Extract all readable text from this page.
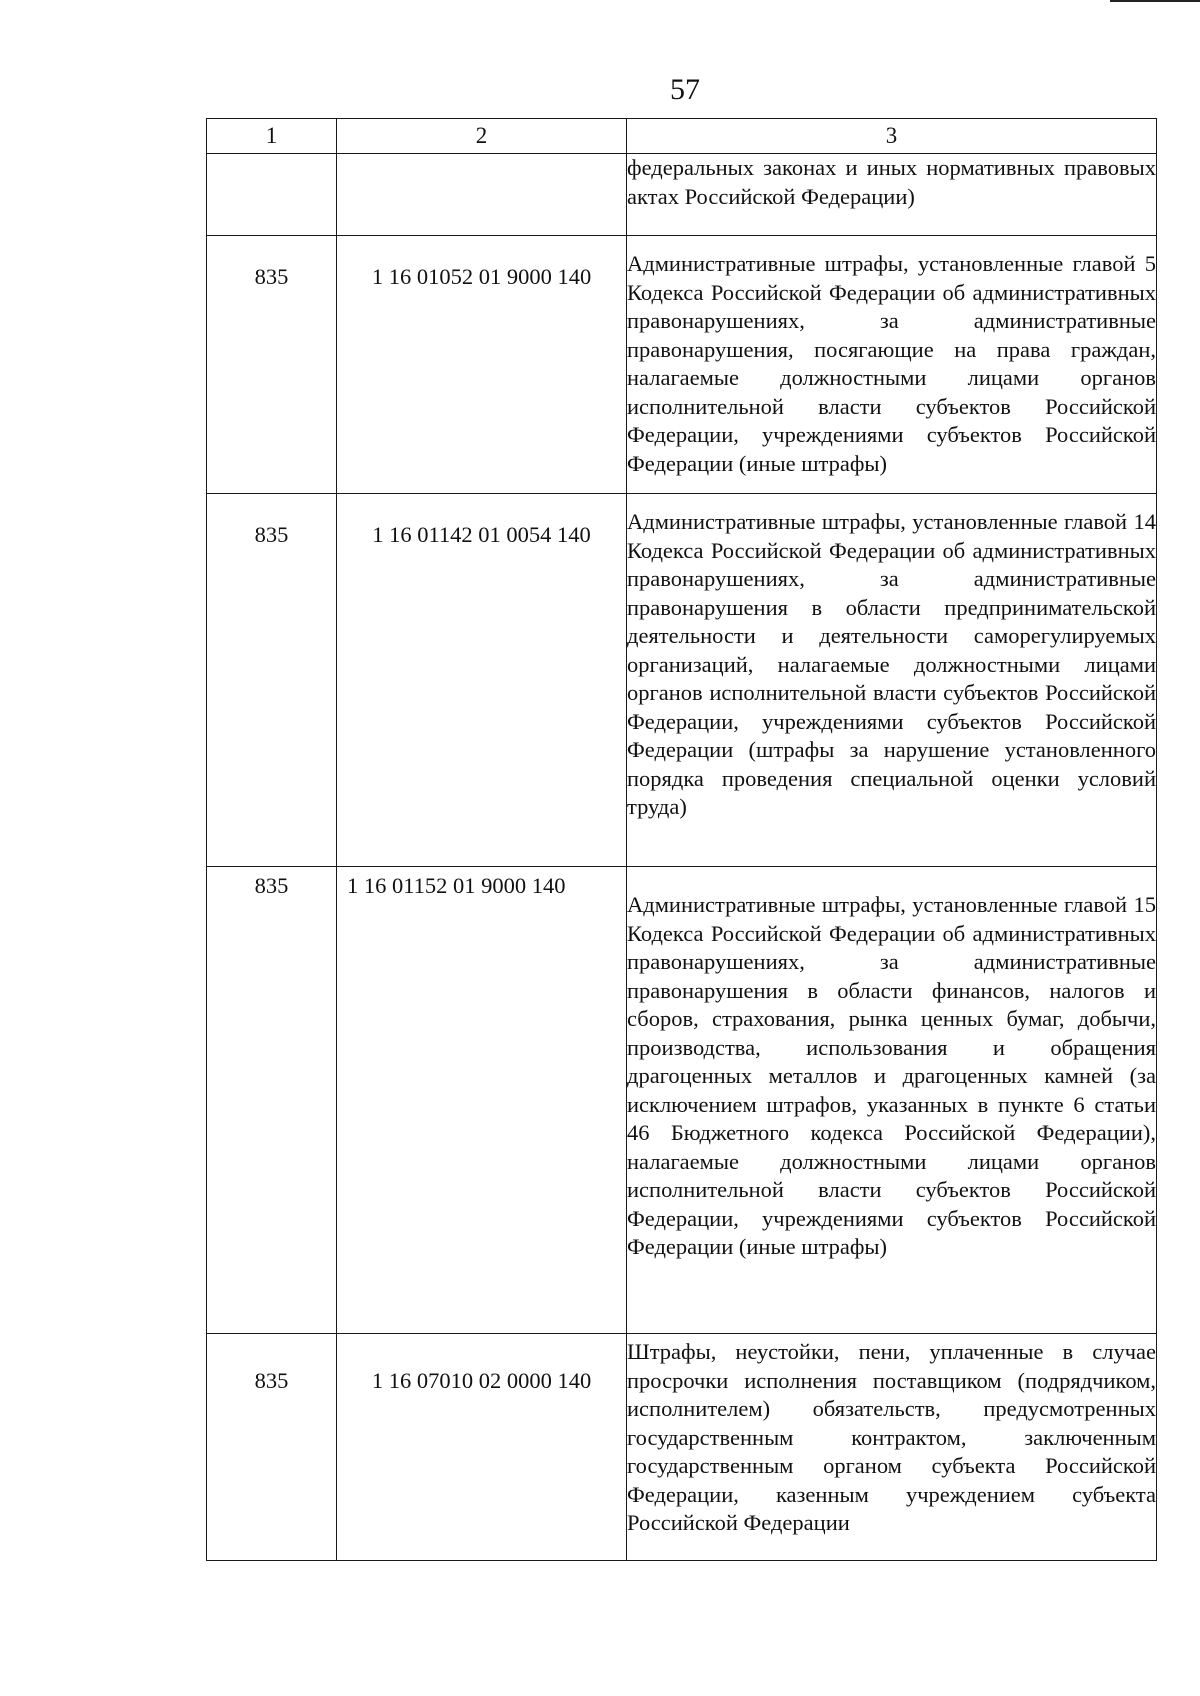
57
1	2	3

		федеральных законах и иных нормативных правовых актах Российской Федерации)

835	1 16 01052 01 9000 140	Административные штрафы, установленные главой 5 Кодекса Российской Федерации об административных правонарушениях, за административные правонарушения, посягающие на права граждан, налагаемые должностными лицами органов исполнительной власти субъектов Российской Федерации, учреждениями субъектов Российской Федерации (иные штрафы)

835	1 16 01142 01 0054 140	Административные штрафы, установленные главой 14 Кодекса Российской Федерации об административных правонарушениях, за административные правонарушения в области предпринимательской деятельности и деятельности саморегулируемых организаций, налагаемые должностными лицами органов исполнительной власти субъектов Российской Федерации, учреждениями субъектов Российской Федерации (штрафы за нарушение установленного порядка проведения специальной оценки условий труда)

835	1 16 01152 01 9000 140	Административные штрафы, установленные главой 15 Кодекса Российской Федерации об административных правонарушениях, за административные правонарушения в области финансов, налогов и сборов, страхования, рынка ценных бумаг, добычи, производства, использования и обращения драгоценных металлов и драгоценных камней (за исключением штрафов, указанных в пункте 6 статьи 46 Бюджетного кодекса Российской Федерации), налагаемые должностными лицами органов исполнительной власти субъектов Российской Федерации, учреждениями субъектов Российской Федерации (иные штрафы)

835	1 16 07010 02 0000 140	Штрафы, неустойки, пени, уплаченные в случае просрочки исполнения поставщиком (подрядчиком, исполнителем) обязательств, предусмотренных государственным контрактом, заключенным государственным органом субъекта Российской Федерации, казенным учреждением субъекта Российской Федерации
